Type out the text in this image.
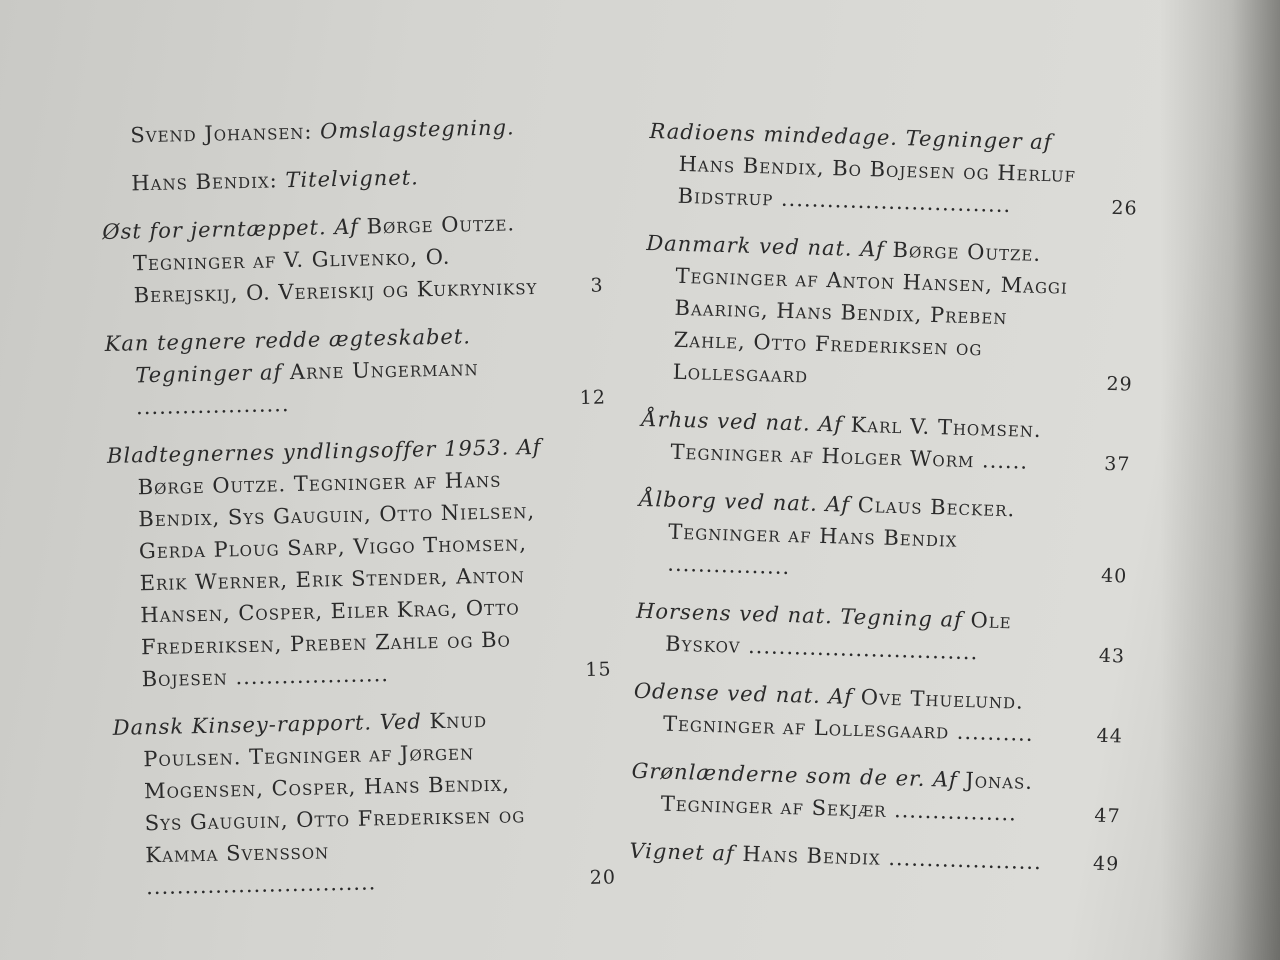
Svend Johansen: Omslagstegning.
Hans Bendix: Titelvignet.
Øst for jerntæppet. Af Børge Outze. Tegninger af V. Glivenko, O. Berejskij, O. Vereiskij og Kukryniksy	3
Kan tegnere redde ægteskabet. Tegninger af Arne Ungermann ....................	12
Bladtegnernes yndlingsoffer 1953. Af Børge Outze. Tegninger af Hans Bendix, Sys Gauguin, Otto Nielsen, Gerda Ploug Sarp, Viggo Thomsen, Erik Werner, Erik Stender, Anton Hansen, Cosper, Eiler Krag, Otto Frederiksen, Preben Zahle og Bo Bojesen ....................	15
Dansk Kinsey-rapport. Ved Knud Poulsen. Tegninger af Jørgen Mogensen, Cosper, Hans Bendix, Sys Gauguin, Otto Frederiksen og Kamma Svensson ..............................	20
Radioens mindedage. Tegninger af Hans Bendix, Bo Bojesen og Herluf Bidstrup ..............................	26
Danmark ved nat. Af Børge Outze. Tegninger af Anton Hansen, Maggi Baaring, Hans Bendix, Preben Zahle, Otto Frederiksen og Lollesgaard	29
Århus ved nat. Af Karl V. Thomsen. Tegninger af Holger Worm ......	37
Ålborg ved nat. Af Claus Becker. Tegninger af Hans Bendix ................	40
Horsens ved nat. Tegning af Ole Byskov ..............................	43
Odense ved nat. Af Ove Thuelund. Tegninger af Lollesgaard ..........	44
Grønlænderne som de er. Af Jonas. Tegninger af Sekjær ................	47
Vignet af Hans Bendix ....................	49
